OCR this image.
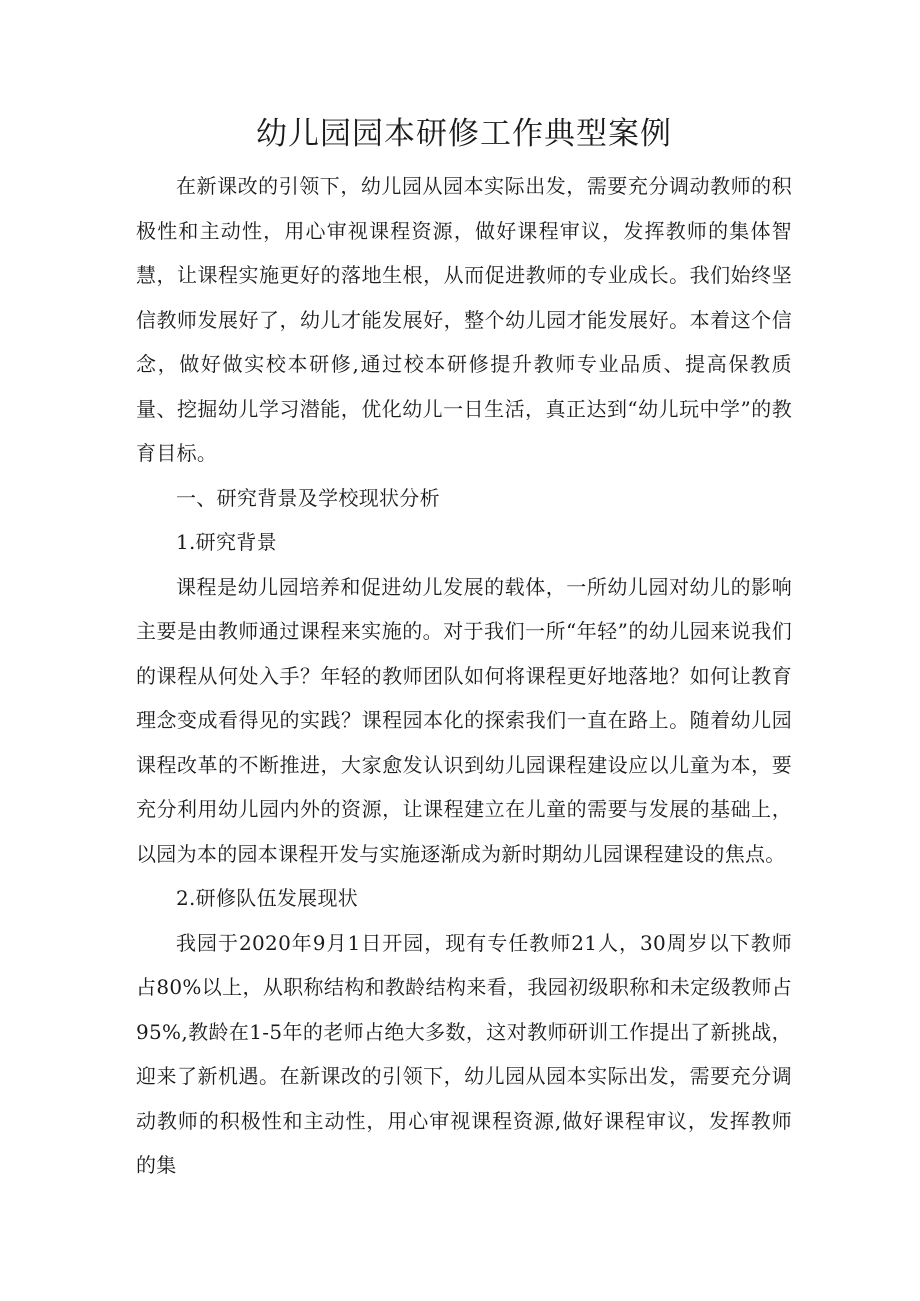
幼儿园园本研修工作典型案例

在新课改的引领下，幼儿园从园本实际出发，需要充分调动教师的积极性和主动性，用心审视课程资源，做好课程审议，发挥教师的集体智慧，让课程实施更好的落地生根，从而促进教师的专业成长。我们始终坚信教师发展好了，幼儿才能发展好，整个幼儿园才能发展好。本着这个信念，做好做实校本研修,通过校本研修提升教师专业品质、提高保教质量、挖掘幼儿学习潜能，优化幼儿一日生活，真正达到“幼儿玩中学”的教育目标。

一、研究背景及学校现状分析

1.研究背景

课程是幼儿园培养和促进幼儿发展的载体，一所幼儿园对幼儿的影响主要是由教师通过课程来实施的。对于我们一所“年轻”的幼儿园来说我们的课程从何处入手？年轻的教师团队如何将课程更好地落地？如何让教育理念变成看得见的实践？课程园本化的探索我们一直在路上。随着幼儿园课程改革的不断推进，大家愈发认识到幼儿园课程建设应以儿童为本，要充分利用幼儿园内外的资源，让课程建立在儿童的需要与发展的基础上，以园为本的园本课程开发与实施逐渐成为新时期幼儿园课程建设的焦点。

2.研修队伍发展现状

我园于2020年9月1日开园，现有专任教师21人，30周岁以下教师占80%以上，从职称结构和教龄结构来看，我园初级职称和未定级教师占95%,教龄在1-5年的老师占绝大多数，这对教师研训工作提出了新挑战，迎来了新机遇。在新课改的引领下，幼儿园从园本实际出发，需要充分调动教师的积极性和主动性，用心审视课程资源,做好课程审议，发挥教师的集
